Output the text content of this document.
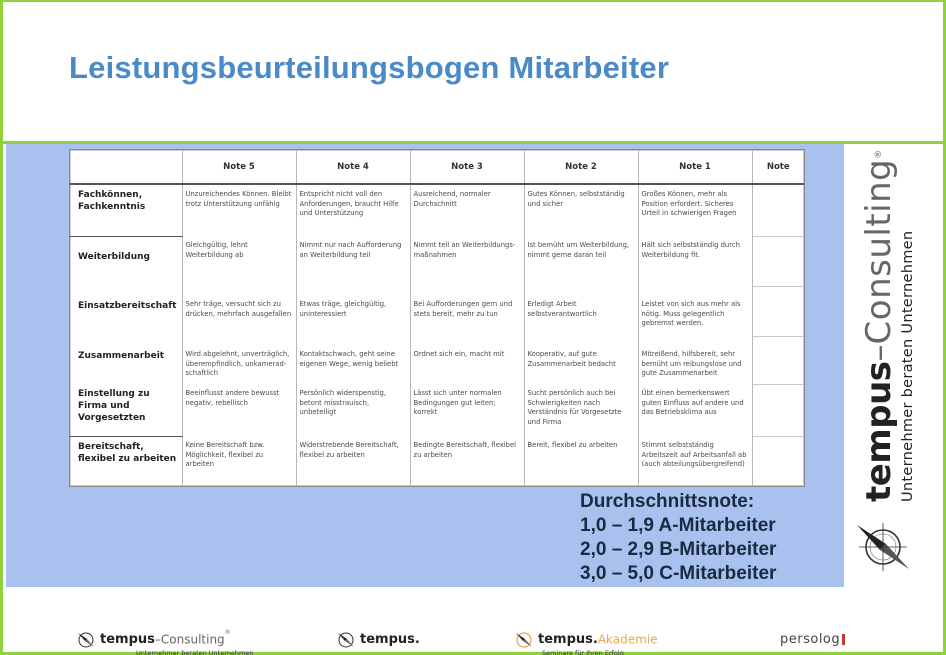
Leistungsbeurteilungsbogen Mitarbeiter
	Note 5	Note 4	Note 3	Note 2	Note 1	Note
Fachkönnen, Fachkenntnis	Unzureichendes Können. Bleibt trotz Unterstützung unfähig	Entspricht nicht voll den Anforderungen, braucht Hilfe und Unterstützung	Ausreichend, normaler Durchschnitt	Gutes Können, selbstständig und sicher	Großes Können, mehr als Position erfordert. Sicheres Urteil in schwierigen Fragen	
Weiterbildung	Gleichgültig, lehnt Weiterbildung ab	Nimmt nur nach Aufforderung an Weiterbildung teil	Nimmt teil an Weiterbildungs-maßnahmen	Ist bemüht um Weiterbildung, nimmt gerne daran teil	Hält sich selbstständig durch Weiterbildung fit.	
Einsatzbereitschaft	Sehr träge, versucht sich zu drücken, mehrfach ausgefallen	Etwas träge, gleichgültig, uninteressiert	Bei Aufforderungen gern und stets bereit, mehr zu tun	Erledigt Arbeit selbstverantwortlich	Leistet von sich aus mehr als nötig. Muss gelegentlich gebremst werden.	
Zusammenarbeit	Wird abgelehnt, unverträglich, überempfindlich, unkamerad-schaftlich	Kontaktschwach, geht seine eigenen Wege, wenig beliebt	Ordnet sich ein, macht mit	Kooperativ, auf gute Zusammenarbeit bedacht	Mitreißend, hilfsbereit, sehr bemüht um reibungslose und gute Zusammenarbeit	
Einstellung zu Firma und Vorgesetzten	Beeinflusst andere bewusst negativ, rebellisch	Persönlich widerspenstig, betont misstrauisch, unbeteiligt	Lässt sich unter normalen Bedingungen gut leiten; korrekt	Sucht persönlich auch bei Schwierigkeiten nach Verständnis für Vorgesetzte und Firma	Übt einen bemerkenswert guten Einfluss auf andere und das Betriebsklima aus	
Bereitschaft, flexibel zu arbeiten	Keine Bereitschaft bzw. Möglichkeit, flexibel zu arbeiten	Widerstrebende Bereitschaft, flexibel zu arbeiten	Bedingte Bereitschaft, flexibel zu arbeiten	Bereit, flexibel zu arbeiten	Stimmt selbstständig Arbeitszeit auf Arbeitsanfall ab (auch abteilungsübergreifend)	
Durchschnittsnote:
1,0 – 1,9 A-Mitarbeiter
2,0 – 2,9 B-Mitarbeiter
3,0 – 5,0 C-Mitarbeiter
tempus–Consulting®
Unternehmer beraten Unternehmen
tempus–Consulting®
Unternehmer beraten Unternehmen
tempus.	tempus.Akademie
Seminare für Ihren Erfolg
persolog
